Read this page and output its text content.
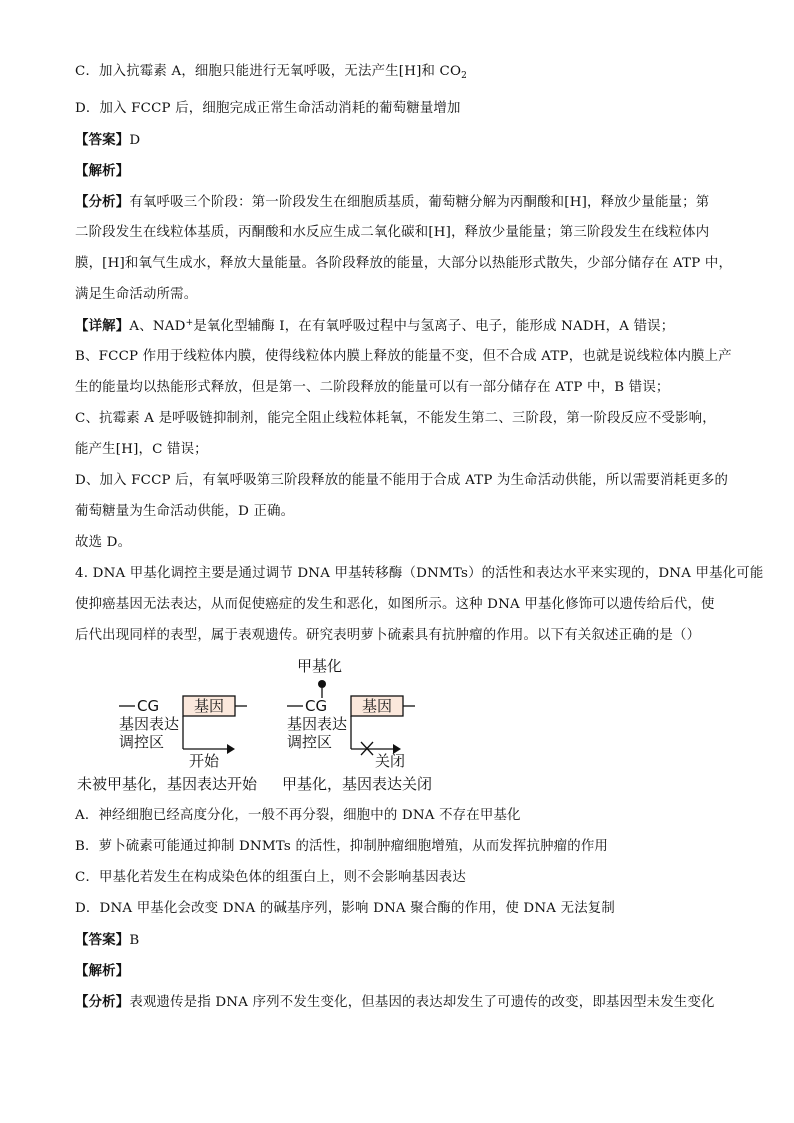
C．加入抗霉素 A，细胞只能进行无氧呼吸，无法产生[H]和 $CO_2$
D．加入 FCCP 后，细胞完成正常生命活动消耗的葡萄糖量增加
【答案】D
【解析】
【分析】有氧呼吸三个阶段：第一阶段发生在细胞质基质，葡萄糖分解为丙酮酸和[H]，释放少量能量；第
二阶段发生在线粒体基质，丙酮酸和水反应生成二氧化碳和[H]，释放少量能量；第三阶段发生在线粒体内
膜，[H]和氧气生成水，释放大量能量。各阶段释放的能量，大部分以热能形式散失，少部分储存在 ATP 中，
满足生命活动所需。
【详解】A、NAD+是氧化型辅酶 I，在有氧呼吸过程中与氢离子、电子，能形成 NADH，A 错误；
B、FCCP 作用于线粒体内膜，使得线粒体内膜上释放的能量不变，但不合成 ATP，也就是说线粒体内膜上产
生的能量均以热能形式释放，但是第一、二阶段释放的能量可以有一部分储存在 ATP 中，B 错误；
C、抗霉素 A 是呼吸链抑制剂，能完全阻止线粒体耗氧，不能发生第二、三阶段，第一阶段反应不受影响，
能产生[H]，C 错误；
D、加入 FCCP 后，有氧呼吸第三阶段释放的能量不能用于合成 ATP 为生命活动供能，所以需要消耗更多的
葡萄糖量为生命活动供能，D 正确。
故选 D。
4. DNA 甲基化调控主要是通过调节 DNA 甲基转移酶（DNMTs）的活性和表达水平来实现的，DNA 甲基化可能
使抑癌基因无法表达，从而促使癌症的发生和恶化，如图所示。这种 DNA 甲基化修饰可以遗传给后代，使
后代出现同样的表型，属于表观遗传。研究表明萝卜硫素具有抗肿瘤的作用。以下有关叙述正确的是（）
CG 基因
基因表达
调控区
开始
未被甲基化，基因表达开始
甲基化
CG 基因
基因表达
调控区
关闭
甲基化，基因表达关闭
A．神经细胞已经高度分化，一般不再分裂，细胞中的 DNA 不存在甲基化
B．萝卜硫素可能通过抑制 DNMTs 的活性，抑制肿瘤细胞增殖，从而发挥抗肿瘤的作用
C．甲基化若发生在构成染色体的组蛋白上，则不会影响基因表达
D．DNA 甲基化会改变 DNA 的碱基序列，影响 DNA 聚合酶的作用，使 DNA 无法复制
【答案】B
【解析】
【分析】表观遗传是指 DNA 序列不发生变化，但基因的表达却发生了可遗传的改变，即基因型未发生变化
